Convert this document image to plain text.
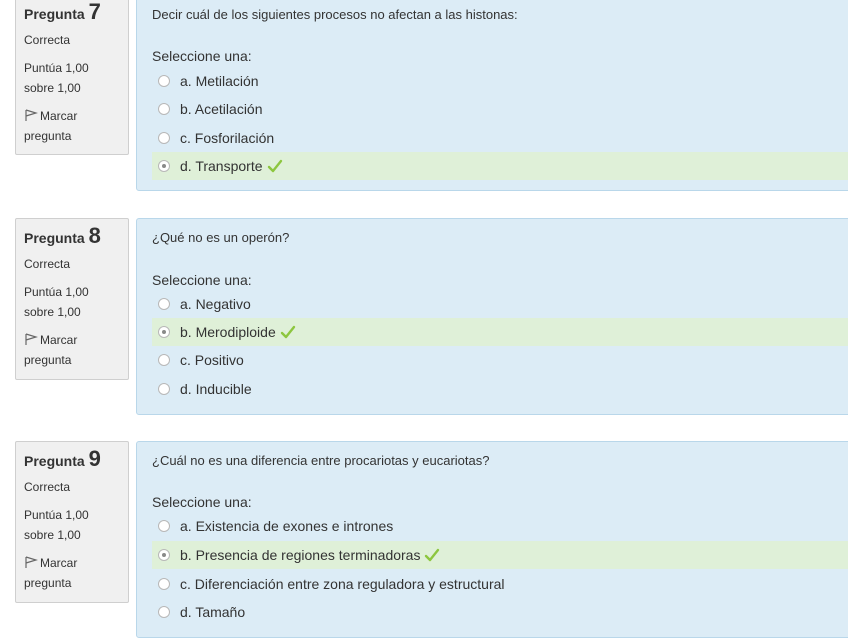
Pregunta 7
Correcta
Puntúa 1,00 sobre 1,00
Marcar pregunta
Decir cuál de los siguientes procesos no afectan a las histonas:
Seleccione una:
a. Metilación
b. Acetilación
c. Fosforilación
d. Transporte
Pregunta 8
Correcta
Puntúa 1,00 sobre 1,00
Marcar pregunta
¿Qué no es un operón?
Seleccione una:
a. Negativo
b. Merodiploide
c. Positivo
d. Inducible
Pregunta 9
Correcta
Puntúa 1,00 sobre 1,00
Marcar pregunta
¿Cuál no es una diferencia entre procariotas y eucariotas?
Seleccione una:
a. Existencia de exones e intrones
b. Presencia de regiones terminadoras
c. Diferenciación entre zona reguladora y estructural
d. Tamaño
